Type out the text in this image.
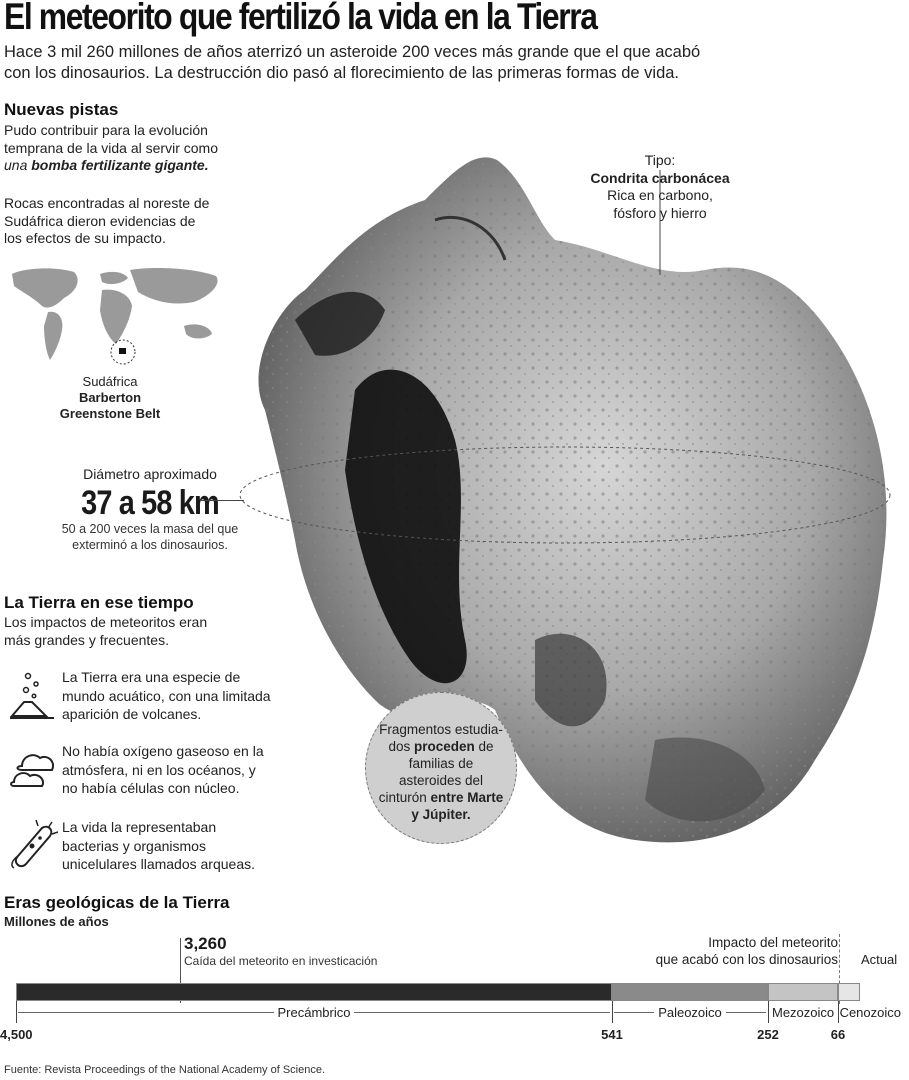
El meteorito que fertilizó la vida en la Tierra
Hace 3 mil 260 millones de años aterrizó un asteroide 200 veces más grande que el que acabó con los dinosaurios. La destrucción dio pasó al florecimiento de las primeras formas de vida.
Tipo:
Condrita carbonácea
Rica en carbono,
fósforo y hierro
Nuevas pistas
Pudo contribuir para la evolución temprana de la vida al servir como una bomba fertilizante gigante.
Rocas encontradas al noreste de Sudáfrica dieron evidencias de los efectos de su impacto.
Sudáfrica
Barberton
Greenstone Belt
Diámetro aproximado
37 a 58 km
50 a 200 veces la masa del que exterminó a los dinosaurios.
Fragmentos estudia-dos proceden de familias de asteroides del cinturón entre Marte y Júpiter.
La Tierra en ese tiempo
Los impactos de meteoritos eran más grandes y frecuentes.
La Tierra era una especie de mundo acuático, con una limitada aparición de volcanes.
No había oxígeno gaseoso en la atmósfera, ni en los océanos, y no había células con núcleo.
La vida la representaban bacterias y organismos unicelulares llamados arqueas.
Eras geológicas de la Tierra
Millones de años
3,260
Caída del meteorito en investicación
Impacto del meteorito
que acabó con los dinosaurios Actual
Precámbrico	Paleozoico	Mezozoico Cenozoico
4,500	541	252	66
Fuente: Revista Proceedings of the National Academy of Science.
